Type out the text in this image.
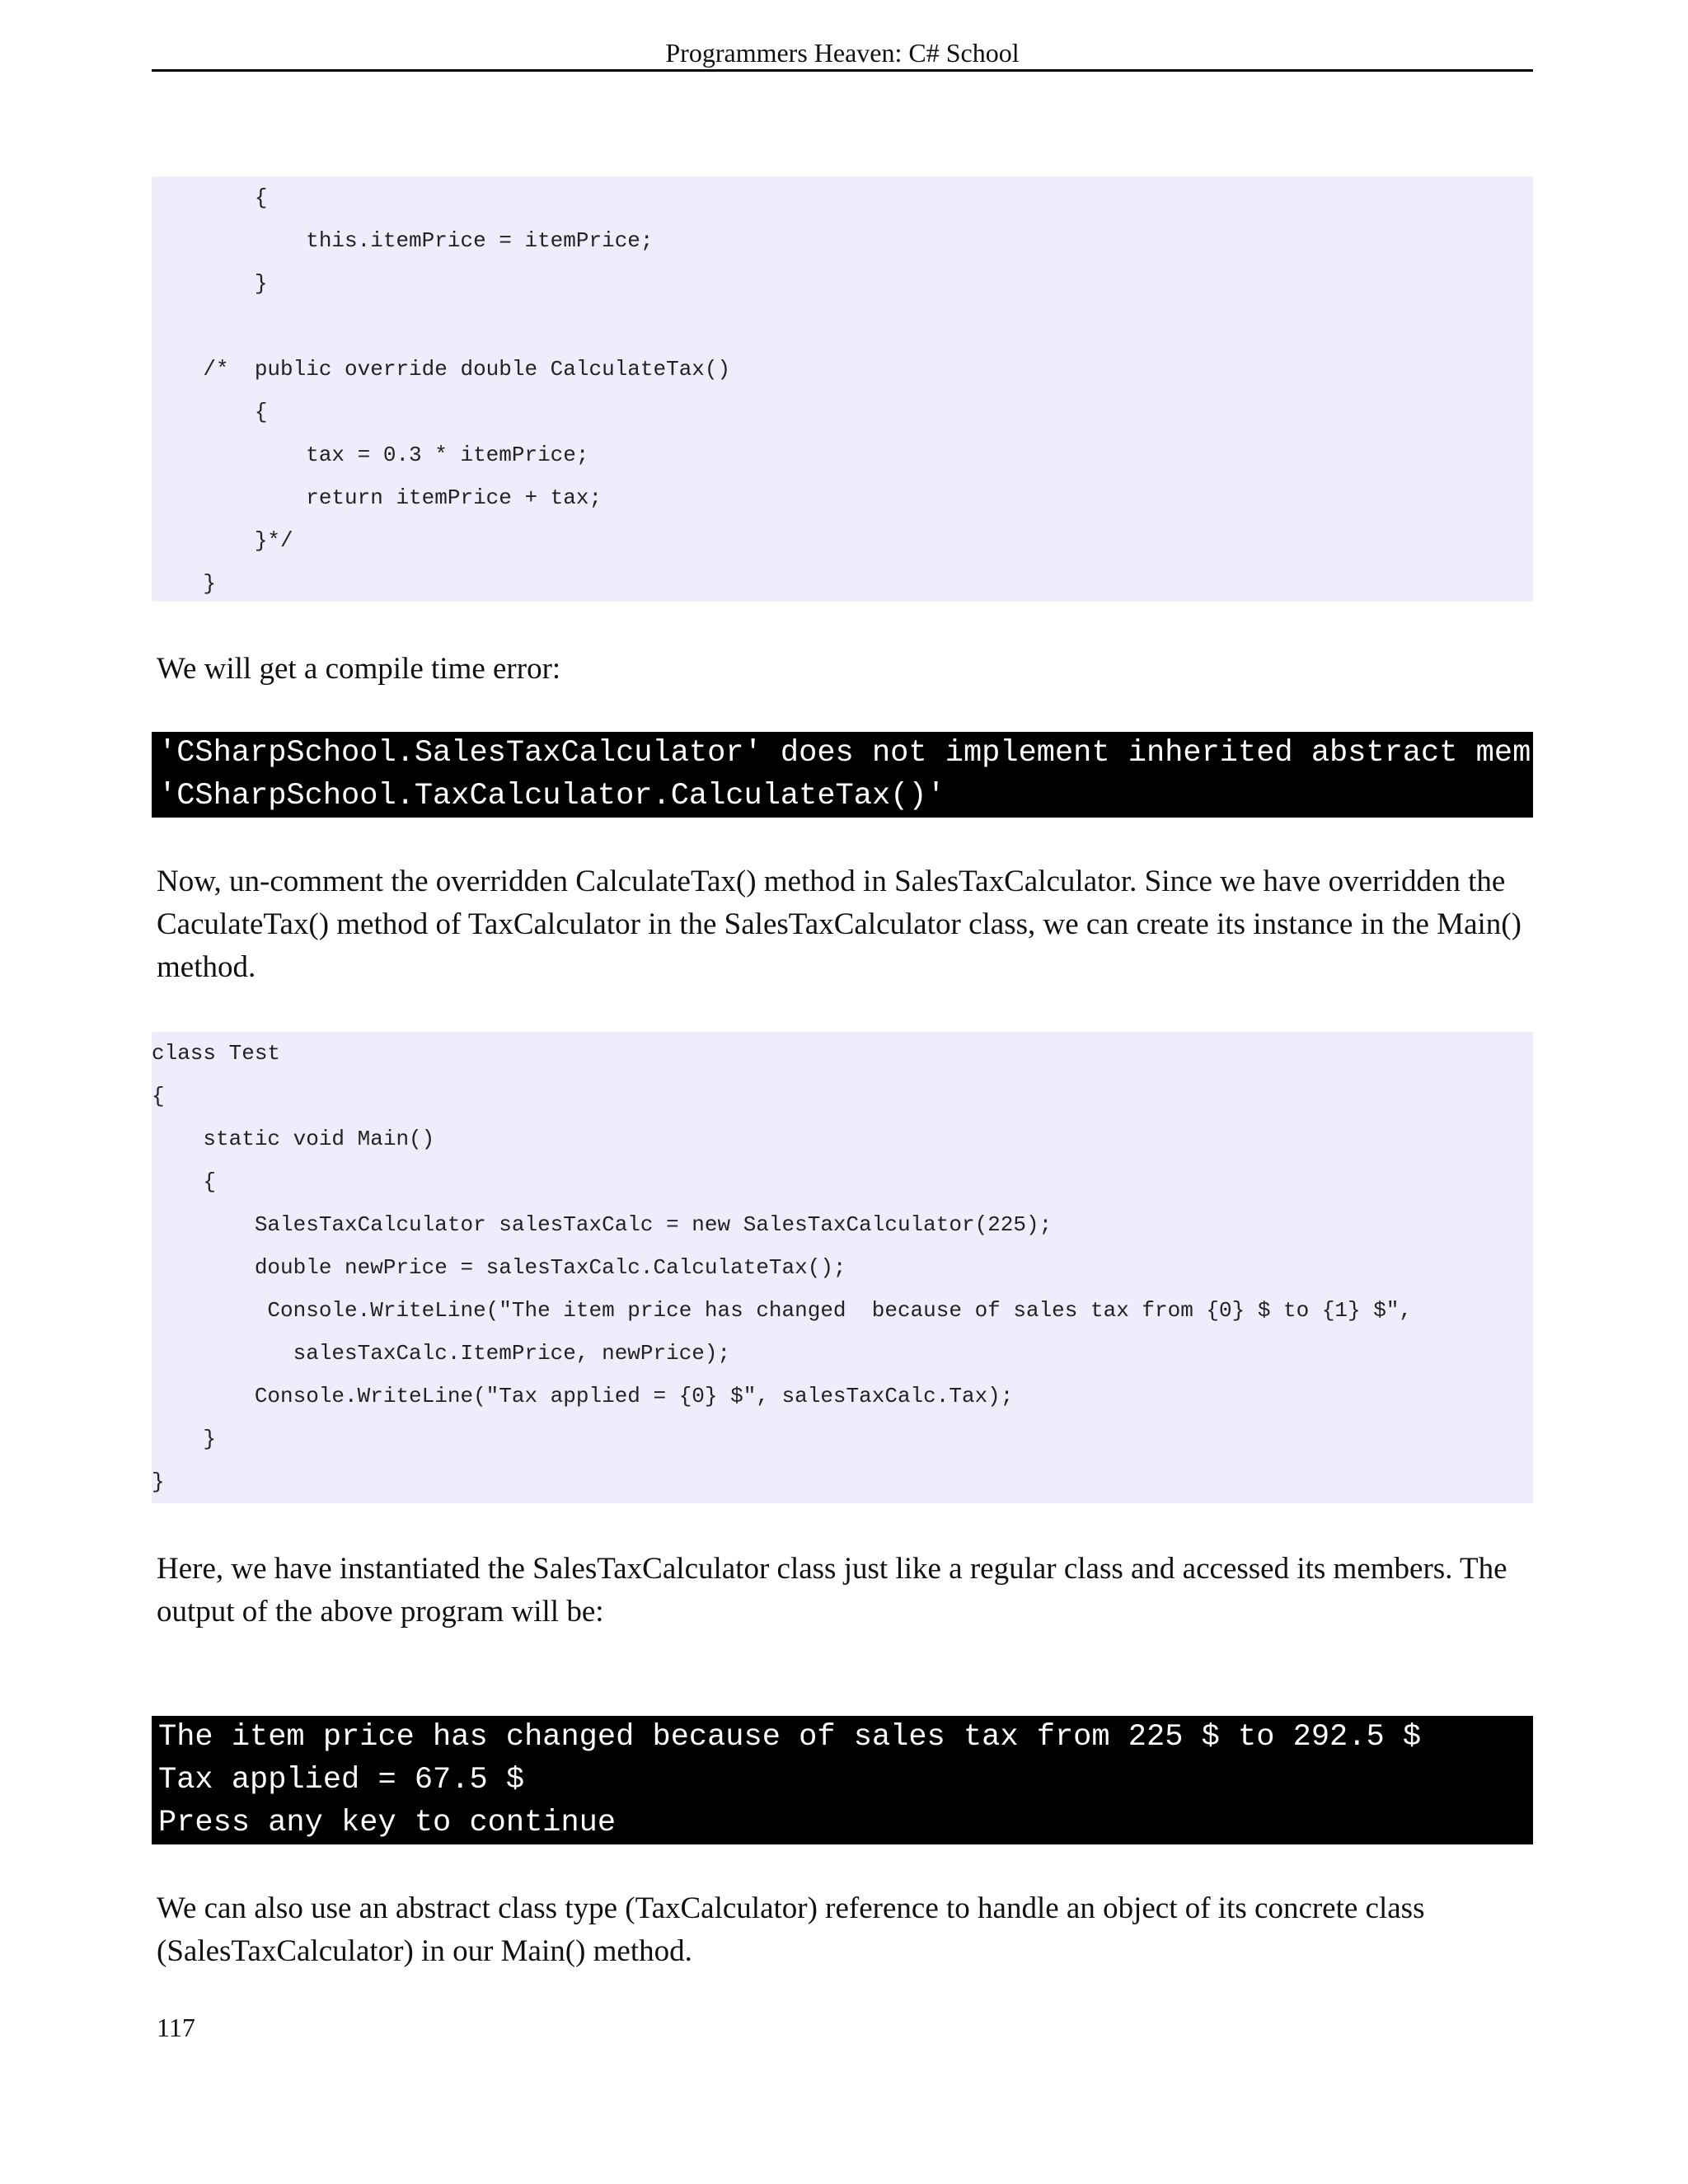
Programmers Heaven: C# School
{
this.itemPrice = itemPrice;
}
/*  public override double CalculateTax()
{
tax = 0.3 * itemPrice;
return itemPrice + tax;
}*/
}

We will get a compile time error:

'CSharpSchool.SalesTaxCalculator' does not implement inherited abstract member
'CSharpSchool.TaxCalculator.CalculateTax()'

Now, un-comment the overridden CalculateTax() method in SalesTaxCalculator. Since we have overridden the CaculateTax() method of TaxCalculator in the SalesTaxCalculator class, we can create its instance in the Main() method.

class Test
{
static void Main()
{
SalesTaxCalculator salesTaxCalc = new SalesTaxCalculator(225);
double newPrice = salesTaxCalc.CalculateTax();
Console.WriteLine("The item price has changed  because of sales tax from {0} $ to {1} $",
salesTaxCalc.ItemPrice, newPrice);
Console.WriteLine("Tax applied = {0} $", salesTaxCalc.Tax);
}
}

Here, we have instantiated the SalesTaxCalculator class just like a regular class and accessed its members. The output of the above program will be:

The item price has changed because of sales tax from 225 $ to 292.5 $
Tax applied = 67.5 $
Press any key to continue

We can also use an abstract class type (TaxCalculator) reference to handle an object of its concrete class (SalesTaxCalculator) in our Main() method.

117
